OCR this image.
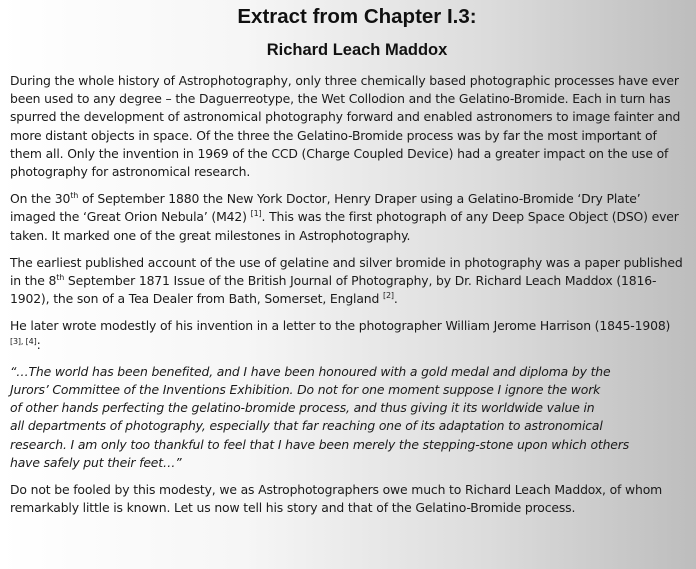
Extract from Chapter I.3:
Richard Leach Maddox

During the whole history of Astrophotography, only three chemically based photographic processes have ever been used to any degree – the Daguerreotype, the Wet Collodion and the Gelatino-Bromide. Each in turn has spurred the development of astronomical photography forward and enabled astronomers to image fainter and more distant objects in space. Of the three the Gelatino-Bromide process was by far the most important of them all. Only the invention in 1969 of the CCD (Charge Coupled Device) had a greater impact on the use of photography for astronomical research.

On the 30th of September 1880 the New York Doctor, Henry Draper using a Gelatino-Bromide ‘Dry Plate’ imaged the ‘Great Orion Nebula’ (M42) [1]. This was the first photograph of any Deep Space Object (DSO) ever taken. It marked one of the great milestones in Astrophotography.

The earliest published account of the use of gelatine and silver bromide in photography was a paper published in the 8th September 1871 Issue of the British Journal of Photography, by Dr. Richard Leach Maddox (1816-1902), the son of a Tea Dealer from Bath, Somerset, England [2].

He later wrote modestly of his invention in a letter to the photographer William Jerome Harrison (1845-1908) [3], [4]:

“…The world has been benefited, and I have been honoured with a gold medal and diploma by the
Jurors’ Committee of the Inventions Exhibition. Do not for one moment suppose I ignore the work
of other hands perfecting the gelatino-bromide process, and thus giving it its worldwide value in
all departments of photography, especially that far reaching one of its adaptation to astronomical
research. I am only too thankful to feel that I have been merely the stepping-stone upon which others
have safely put their feet…”

Do not be fooled by this modesty, we as Astrophotographers owe much to Richard Leach Maddox, of whom remarkably little is known. Let us now tell his story and that of the Gelatino-Bromide process.
